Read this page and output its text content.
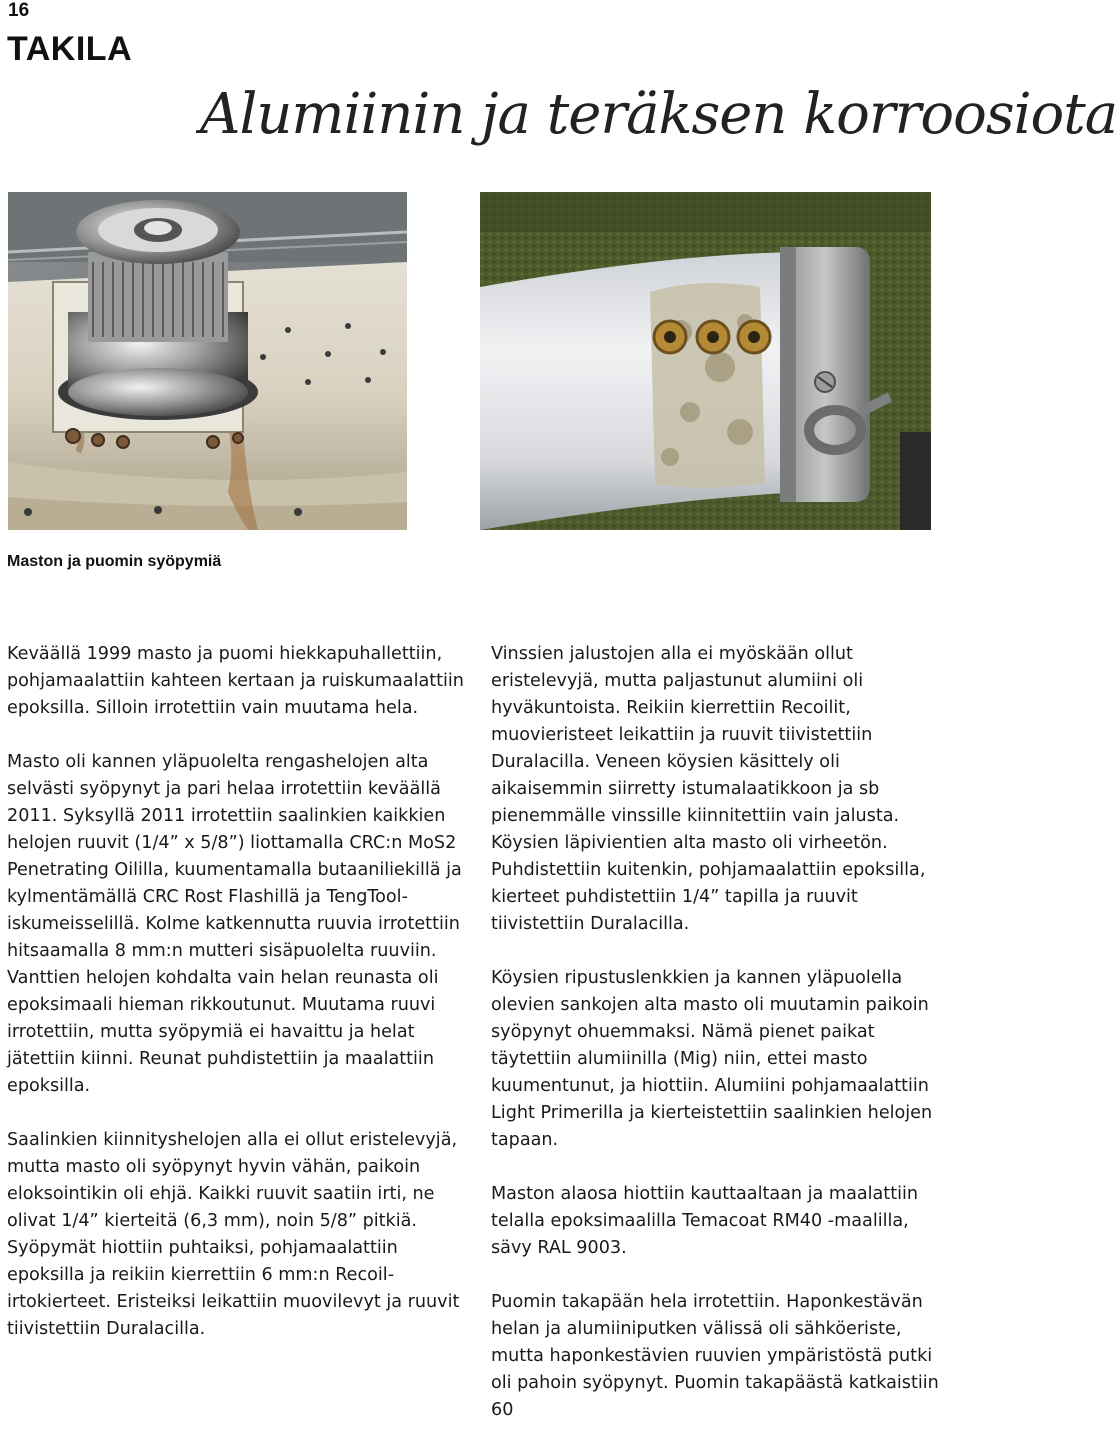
16
TAKILA
Alumiinin ja teräksen korroosiota
Maston ja puomin syöpymiä

Keväällä 1999 masto ja puomi hiekkapuhallettiin, pohjamaalattiin kahteen kertaan ja ruiskumaalattiin epoksilla. Silloin irrotettiin vain muutama hela.

Masto oli kannen yläpuolelta rengashelojen alta selvästi syöpynyt ja pari helaa irrotettiin keväällä 2011. Syksyllä 2011 irrotettiin saalinkien kaikkien helojen ruuvit (1/4” x 5/8”) liottamalla CRC:n MoS2 Penetrating Oililla, kuumentamalla butaaniliekillä ja kylmentämällä CRC Rost Flashillä ja TengTool-iskumeisselillä. Kolme katkennutta ruuvia irrotettiin hitsaamalla 8 mm:n mutteri sisäpuolelta ruuviin. Vanttien helojen kohdalta vain helan reunasta oli epoksimaali hieman rikkoutunut. Muutama ruuvi irrotettiin, mutta syöpymiä ei havaittu ja helat jätettiin kiinni. Reunat puhdistettiin ja maalattiin epoksilla.

Saalinkien kiinnityshelojen alla ei ollut eristelevyjä, mutta masto oli syöpynyt hyvin vähän, paikoin eloksointikin oli ehjä. Kaikki ruuvit saatiin irti, ne olivat 1/4” kierteitä (6,3 mm), noin 5/8” pitkiä. Syöpymät hiottiin puhtaiksi, pohjamaalattiin epoksilla ja reikiin kierrettiin 6 mm:n Recoil-irtokierteet. Eristeiksi leikattiin muovilevyt ja ruuvit tiivistettiin Duralacilla.

Vinssien jalustojen alla ei myöskään ollut eristelevyjä, mutta paljastunut alumiini oli hyväkuntoista. Reikiin kierrettiin Recoilit, muovieristeet leikattiin ja ruuvit tiivistettiin Duralacilla. Veneen köysien käsittely oli aikaisemmin siirretty istumalaatikkoon ja sb pienemmälle vinssille kiinnitettiin vain jalusta. Köysien läpivientien alta masto oli virheetön. Puhdistettiin kuitenkin, pohjamaalattiin epoksilla, kierteet puhdistettiin 1/4” tapilla ja ruuvit tiivistettiin Duralacilla.

Köysien ripustuslenkkien ja kannen yläpuolella olevien sankojen alta masto oli muutamin paikoin syöpynyt ohuemmaksi. Nämä pienet paikat täytettiin alumiinilla (Mig) niin, ettei masto kuumentunut, ja hiottiin. Alumiini pohjamaalattiin Light Primerilla ja kierteistettiin saalinkien helojen tapaan.

Maston alaosa hiottiin kauttaaltaan ja maalattiin telalla epoksimaalilla Temacoat RM40 -maalilla, sävy RAL 9003.

Puomin takapään hela irrotettiin. Haponkestävän helan ja alumiiniputken välissä oli sähköeriste, mutta haponkestävien ruuvien ympäristöstä putki oli pahoin syöpynyt. Puomin takapäästä katkaistiin 60
